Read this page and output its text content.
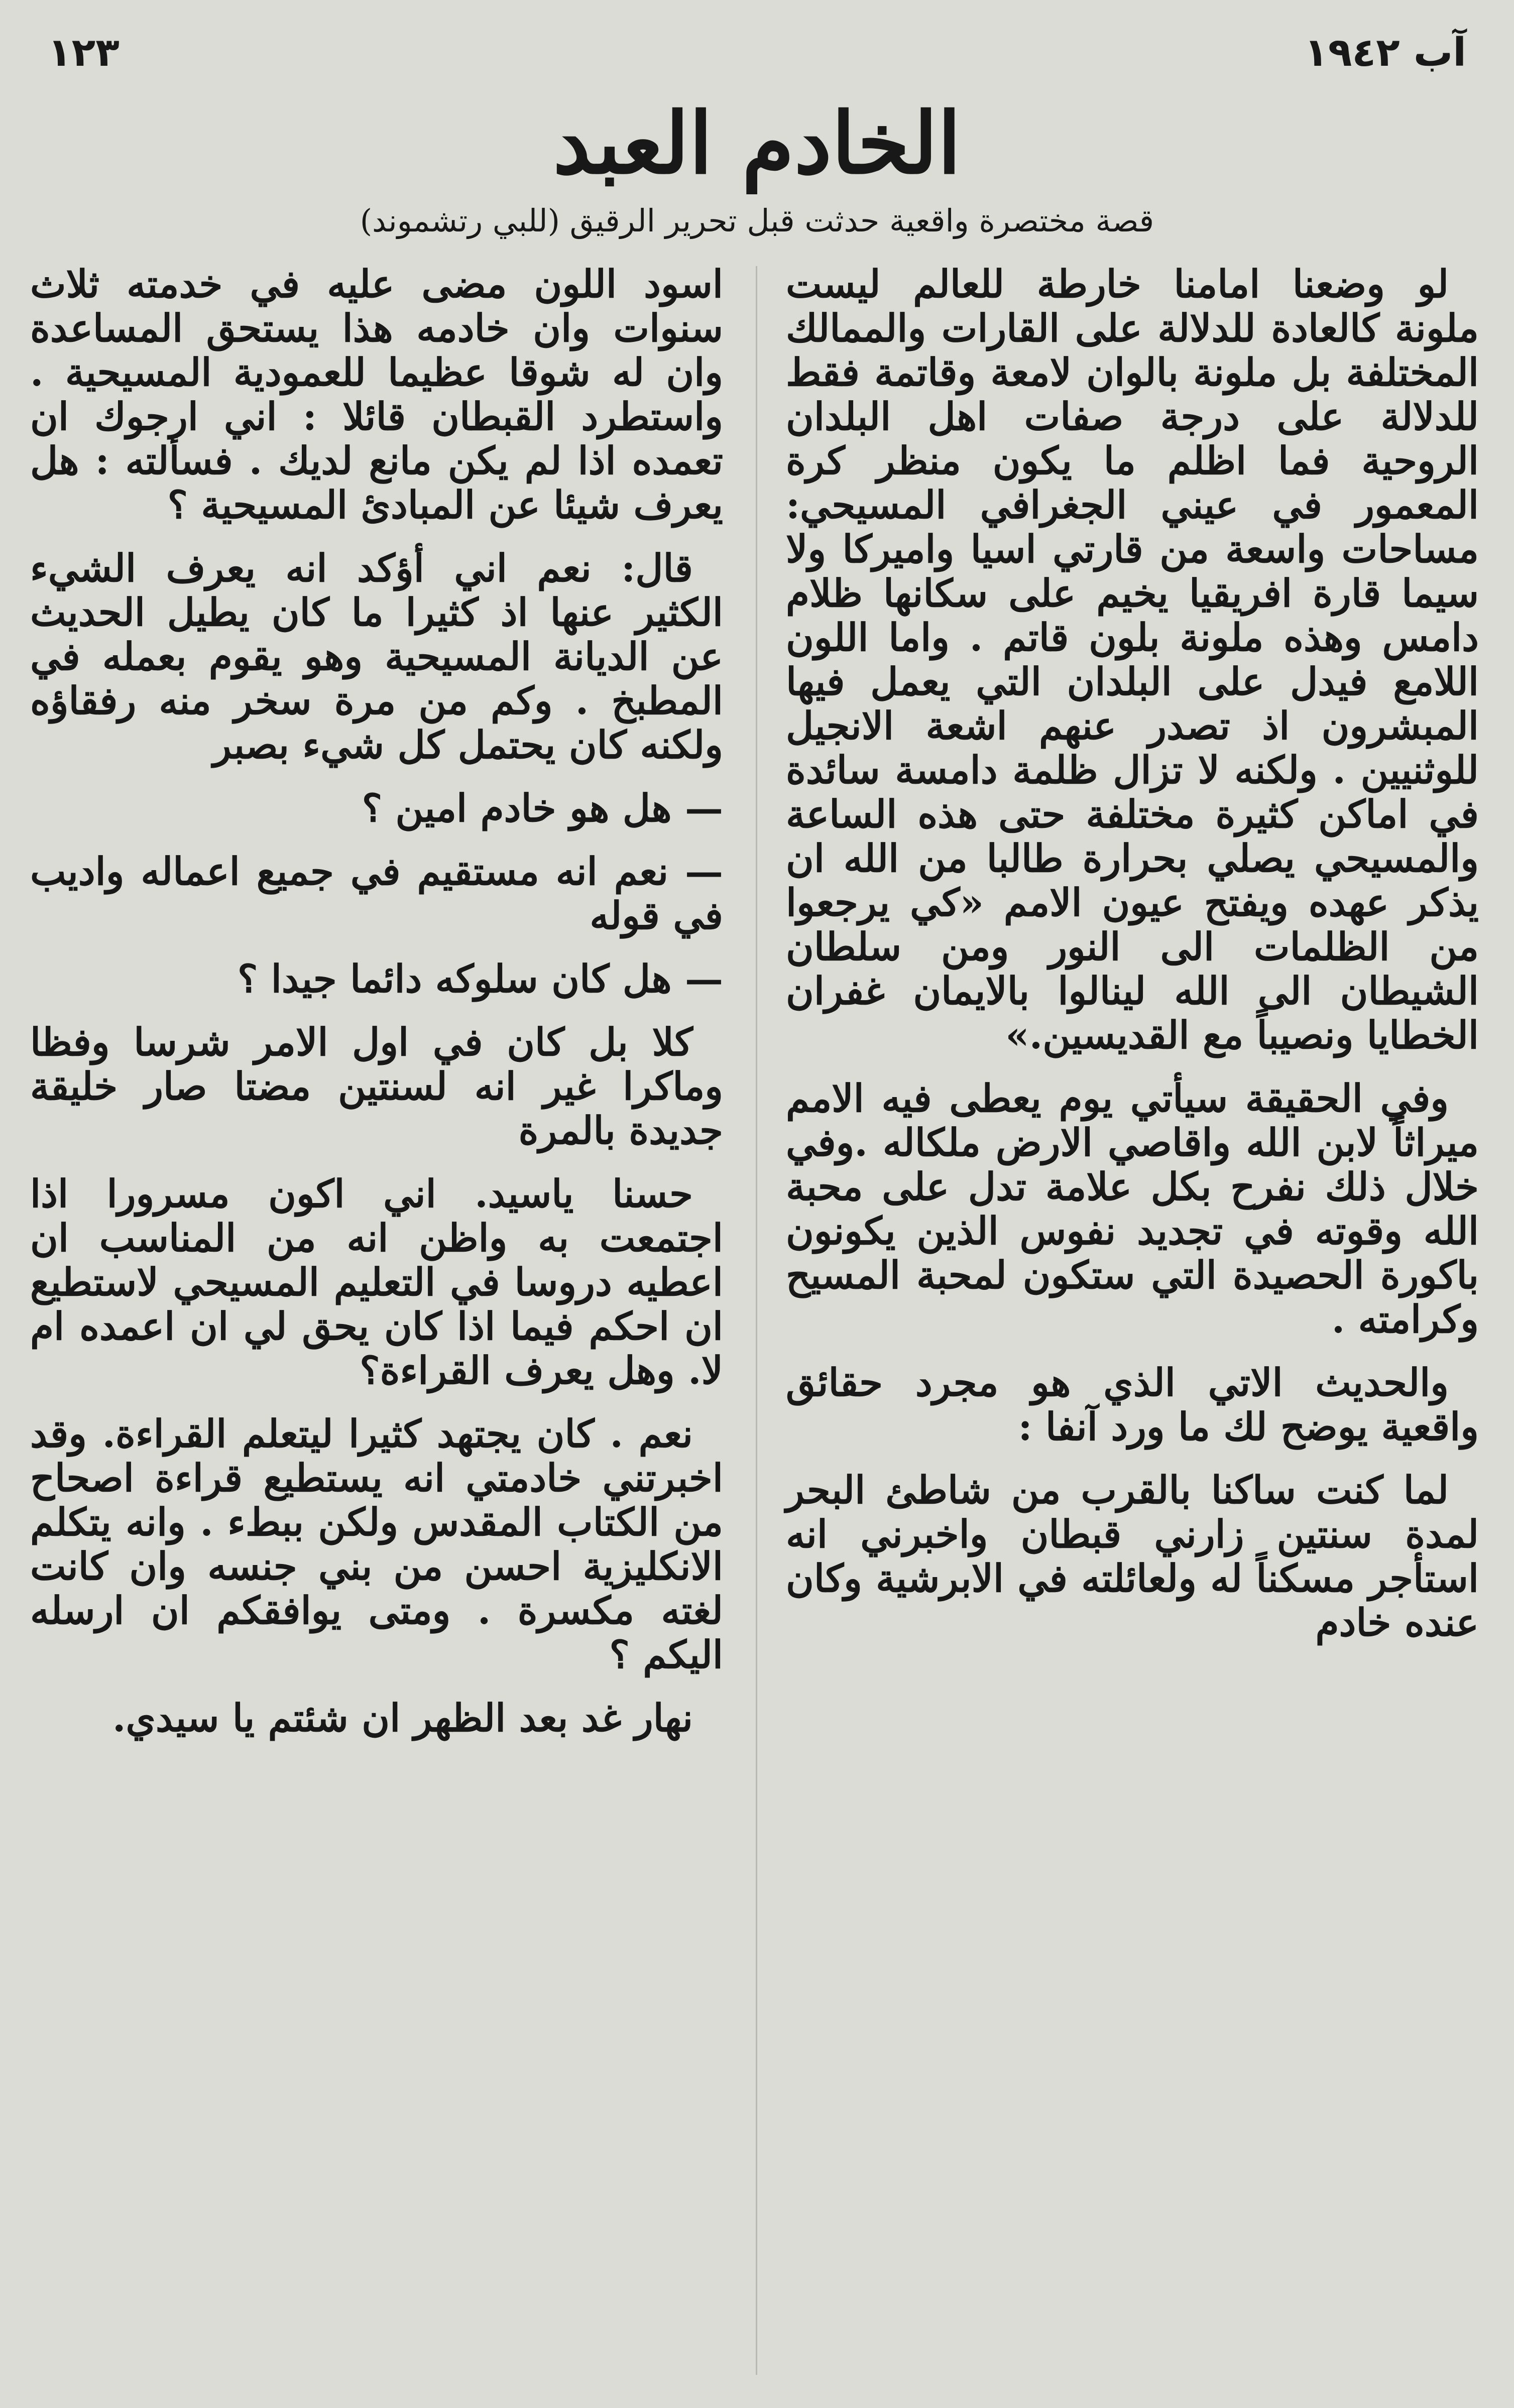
١٢٣	آب ١٩٤٢
الخادم العبد
قصة مختصرة واقعية حدثت قبل تحرير الرقيق (للبي رتشموند)

لو وضعنا امامنا خارطة للعالم ليست ملونة كالعادة للدلالة على القارات والممالك المختلفة بل ملونة بالوان لامعة وقاتمة فقط للدلالة على درجة صفات اهل البلدان الروحية فما اظلم ما يكون منظر كرة المعمور في عيني الجغرافي المسيحي: مساحات واسعة من قارتي اسيا واميركا ولا سيما قارة افريقيا يخيم على سكانها ظلام دامس وهذه ملونة بلون قاتم . واما اللون اللامع فيدل على البلدان التي يعمل فيها المبشرون اذ تصدر عنهم اشعة الانجيل للوثنيين . ولكنه لا تزال ظلمة دامسة سائدة في اماكن كثيرة مختلفة حتى هذه الساعة والمسيحي يصلي بحرارة طالبا من الله ان يذكر عهده ويفتح عيون الامم «كي يرجعوا من الظلمات الى النور ومن سلطان الشيطان الى الله لينالوا بالايمان غفران الخطايا ونصيباً مع القديسين.»

وفي الحقيقة سيأتي يوم يعطى فيه الامم ميراثاً لابن الله واقاصي الارض ملكاله .وفي خلال ذلك نفرح بكل علامة تدل على محبة الله وقوته في تجديد نفوس الذين يكونون باكورة الحصيدة التي ستكون لمحبة المسيح وكرامته .

والحديث الاتي الذي هو مجرد حقائق واقعية يوضح لك ما ورد آنفا :

لما كنت ساكنا بالقرب من شاطئ البحر لمدة سنتين زارني قبطان واخبرني انه استأجر مسكناً له ولعائلته في الابرشية وكان عنده خادم

اسود اللون مضى عليه في خدمته ثلاث سنوات وان خادمه هذا يستحق المساعدة وان له شوقا عظيما للعمودية المسيحية . واستطرد القبطان قائلا : اني ارجوك ان تعمده اذا لم يكن مانع لديك . فسألته : هل يعرف شيئا عن المبادئ المسيحية ؟

قال: نعم اني أؤكد انه يعرف الشيء الكثير عنها اذ كثيرا ما كان يطيل الحديث عن الديانة المسيحية وهو يقوم بعمله في المطبخ . وكم من مرة سخر منه رفقاؤه ولكنه كان يحتمل كل شيء بصبر

— هل هو خادم امين ؟

— نعم انه مستقيم في جميع اعماله واديب في قوله

— هل كان سلوكه دائما جيدا ؟

كلا بل كان في اول الامر شرسا وفظا وماكرا غير انه لسنتين مضتا صار خليقة جديدة بالمرة

حسنا ياسيد. اني اكون مسرورا اذا اجتمعت به واظن انه من المناسب ان اعطيه دروسا في التعليم المسيحي لاستطيع ان احكم فيما اذا كان يحق لي ان اعمده ام لا. وهل يعرف القراءة؟

نعم . كان يجتهد كثيرا ليتعلم القراءة. وقد اخبرتني خادمتي انه يستطيع قراءة اصحاح من الكتاب المقدس ولكن ببطء . وانه يتكلم الانكليزية احسن من بني جنسه وان كانت لغته مكسرة . ومتى يوافقكم ان ارسله اليكم ؟

نهار غد بعد الظهر ان شئتم يا سيدي.
